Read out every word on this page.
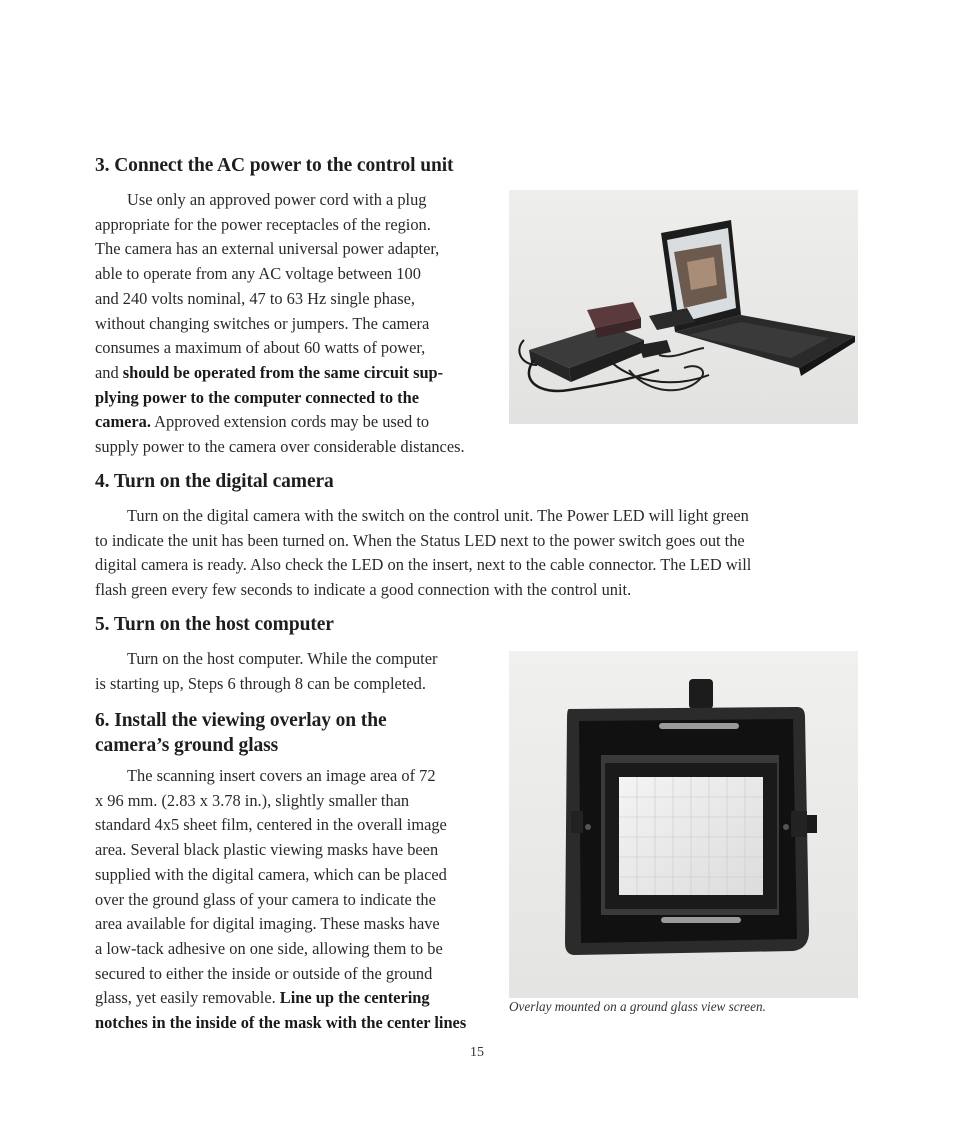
3. Connect the AC power to the control unit

Use only an approved power cord with a plug
appropriate for the power receptacles of the region.
The camera has an external universal power adapter,
able to operate from any AC voltage between 100
and 240 volts nominal, 47 to 63 Hz single phase,
without changing switches or jumpers. The camera
consumes a maximum of about 60 watts of power,
and should be operated from the same circuit sup-
plying power to the computer connected to the
camera. Approved extension cords may be used to
supply power to the camera over considerable distances.

4. Turn on the digital camera

Turn on the digital camera with the switch on the control unit. The Power LED will light green
to indicate the unit has been turned on. When the Status LED next to the power switch goes out the
digital camera is ready. Also check the LED on the insert, next to the cable connector. The LED will
flash green every few seconds to indicate a good connection with the control unit.

5. Turn on the host computer

Turn on the host computer. While the computer
is starting up, Steps 6 through 8 can be completed.

6. Install the viewing overlay on the
camera’s ground glass

The scanning insert covers an image area of 72
x 96 mm. (2.83 x 3.78 in.), slightly smaller than
standard 4x5 sheet film, centered in the overall image
area. Several black plastic viewing masks have been
supplied with the digital camera, which can be placed
over the ground glass of your camera to indicate the
area available for digital imaging. These masks have
a low-tack adhesive on one side, allowing them to be
secured to either the inside or outside of the ground
glass, yet easily removable. Line up the centering
notches in the inside of the mask with the center lines

Overlay mounted on a ground glass view screen.
15
